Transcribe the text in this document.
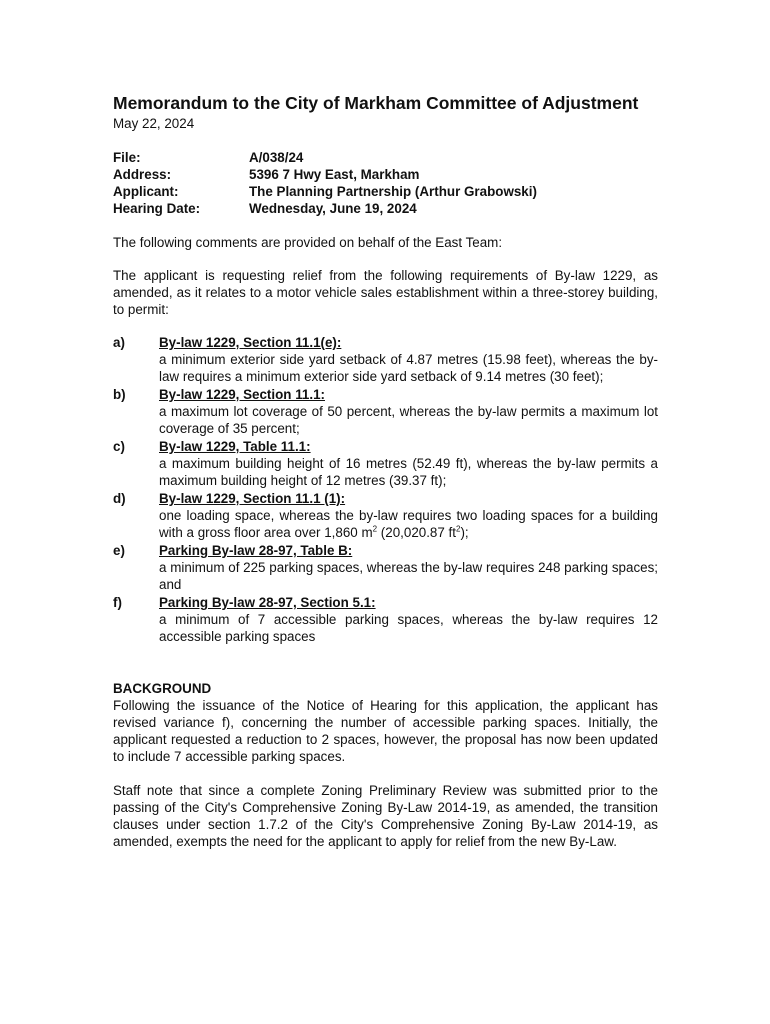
Memorandum to the City of Markham Committee of Adjustment
May 22, 2024
File:	A/038/24
Address:	5396 7 Hwy East, Markham
Applicant:	The Planning Partnership (Arthur Grabowski)
Hearing Date:	Wednesday, June 19, 2024

The following comments are provided on behalf of the East Team:

The applicant is requesting relief from the following requirements of By-law 1229, as amended, as it relates to a motor vehicle sales establishment within a three-storey building, to permit:

a)	By-law 1229, Section 11.1(e):
a minimum exterior side yard setback of 4.87 metres (15.98 feet), whereas the by-law requires a minimum exterior side yard setback of 9.14 metres (30 feet);
b)	By-law 1229, Section 11.1:
a maximum lot coverage of 50 percent, whereas the by-law permits a maximum lot coverage of 35 percent;
c)	By-law 1229, Table 11.1:
a maximum building height of 16 metres (52.49 ft), whereas the by-law permits a maximum building height of 12 metres (39.37 ft);
d)	By-law 1229, Section 11.1 (1):
one loading space, whereas the by-law requires two loading spaces for a building with a gross floor area over 1,860 $m^2$ (20,020.87 $ft^2$);
e)	Parking By-law 28-97, Table B:
a minimum of 225 parking spaces, whereas the by-law requires 248 parking spaces; and
f)	Parking By-law 28-97, Section 5.1:
a minimum of 7 accessible parking spaces, whereas the by-law requires 12 accessible parking spaces
BACKGROUND

Following the issuance of the Notice of Hearing for this application, the applicant has revised variance f), concerning the number of accessible parking spaces. Initially, the applicant requested a reduction to 2 spaces, however, the proposal has now been updated to include 7 accessible parking spaces.

Staff note that since a complete Zoning Preliminary Review was submitted prior to the passing of the City's Comprehensive Zoning By-Law 2014-19, as amended, the transition clauses under section 1.7.2 of the City's Comprehensive Zoning By-Law 2014-19, as amended, exempts the need for the applicant to apply for relief from the new By-Law.
